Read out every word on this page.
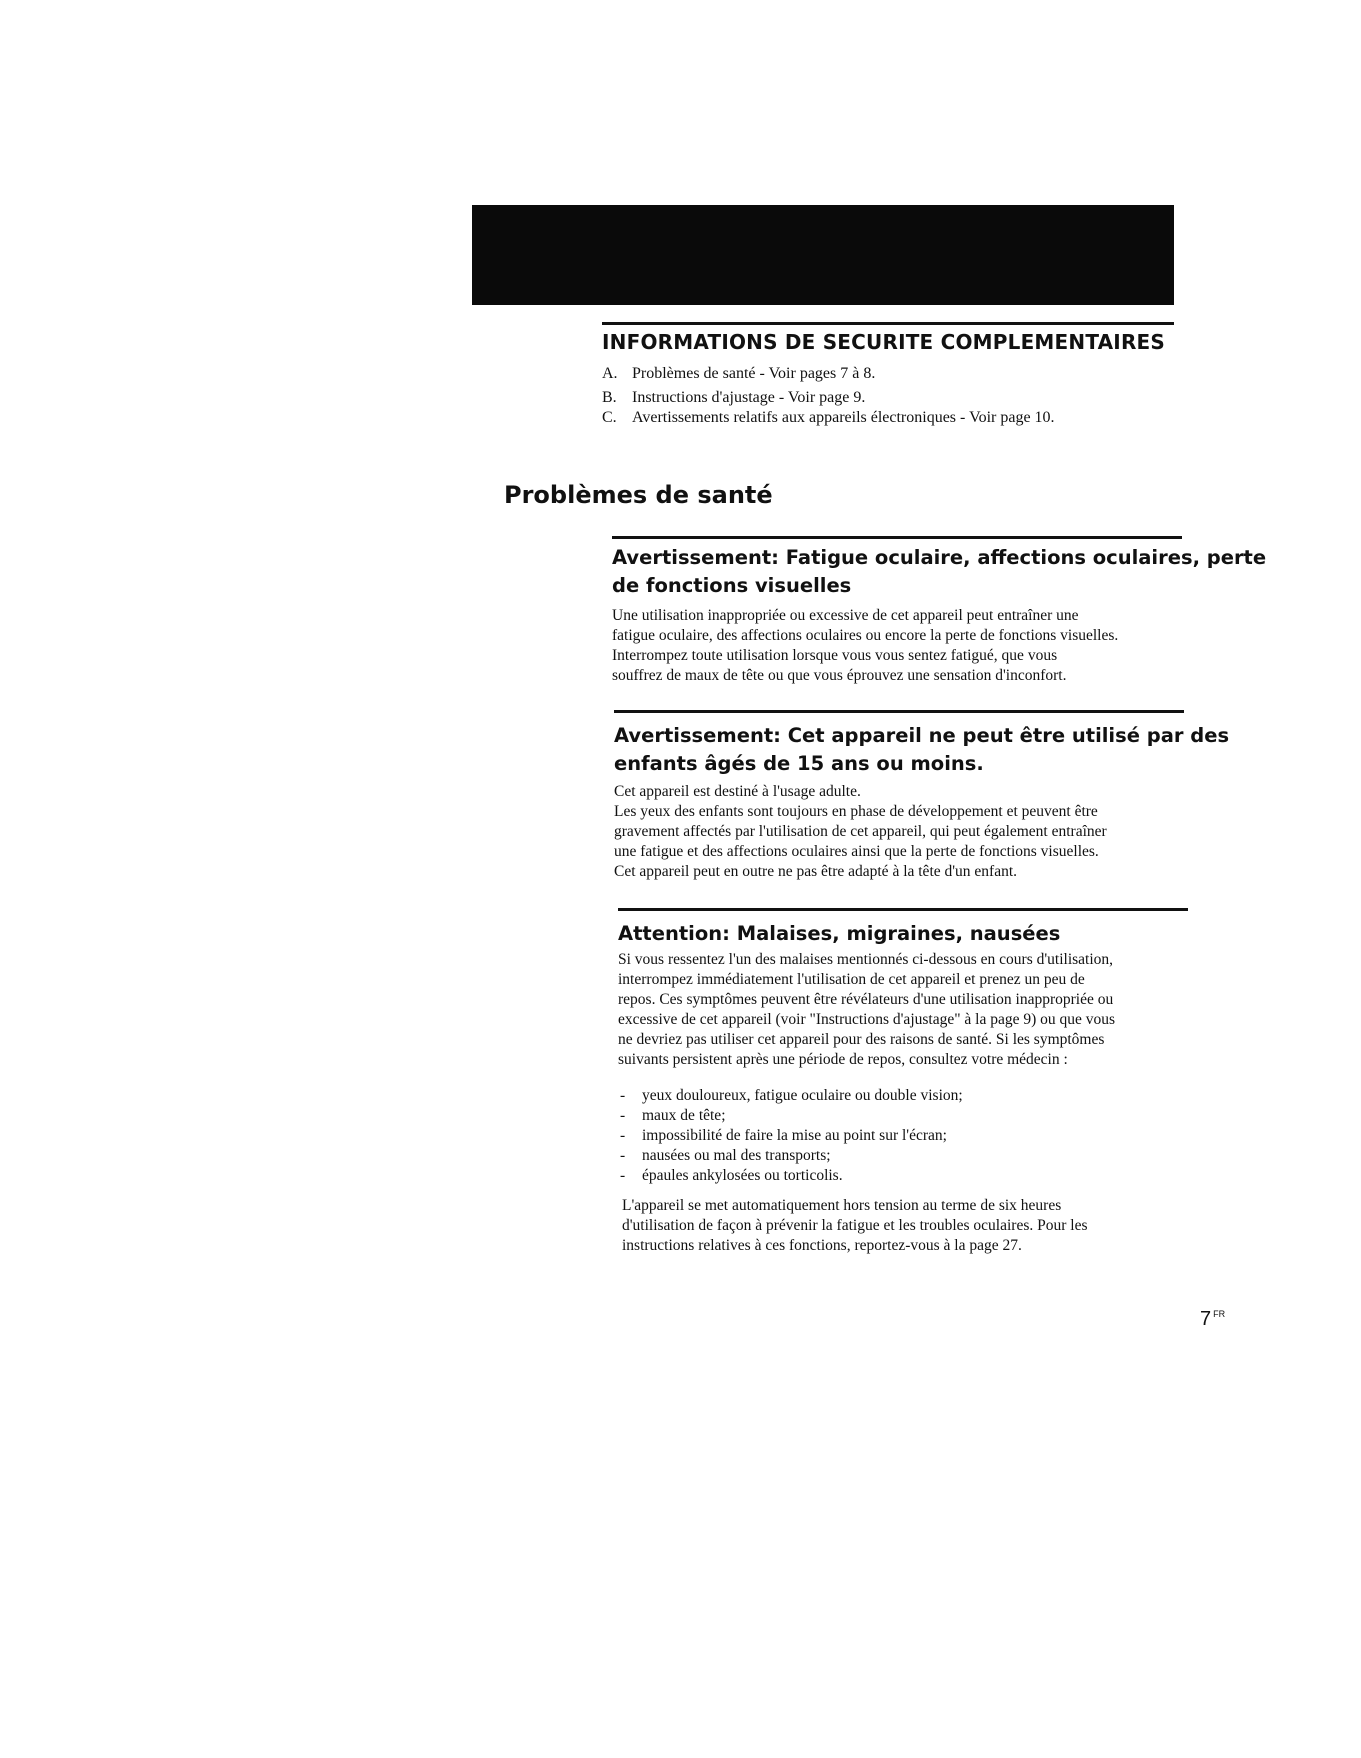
INFORMATIONS DE SECURITE COMPLEMENTAIRES
A. Problèmes de santé - Voir pages 7 à 8.
B. Instructions d'ajustage - Voir page 9.
C. Avertissements relatifs aux appareils électroniques - Voir page 10.
Problèmes de santé
Avertissement: Fatigue oculaire, affections oculaires, perte
de fonctions visuelles

Une utilisation inappropriée ou excessive de cet appareil peut entraîner une

fatigue oculaire, des affections oculaires ou encore la perte de fonctions visuelles.

Interrompez toute utilisation lorsque vous vous sentez fatigué, que vous

souffrez de maux de tête ou que vous éprouvez une sensation d'inconfort.

Avertissement: Cet appareil ne peut être utilisé par des
enfants âgés de 15 ans ou moins.

Cet appareil est destiné à l'usage adulte.

Les yeux des enfants sont toujours en phase de développement et peuvent être

gravement affectés par l'utilisation de cet appareil, qui peut également entraîner

une fatigue et des affections oculaires ainsi que la perte de fonctions visuelles.

Cet appareil peut en outre ne pas être adapté à la tête d'un enfant.

Attention: Malaises, migraines, nausées

Si vous ressentez l'un des malaises mentionnés ci-dessous en cours d'utilisation,

interrompez immédiatement l'utilisation de cet appareil et prenez un peu de

repos. Ces symptômes peuvent être révélateurs d'une utilisation inappropriée ou

excessive de cet appareil (voir "Instructions d'ajustage" à la page 9) ou que vous

ne devriez pas utiliser cet appareil pour des raisons de santé. Si les symptômes

suivants persistent après une période de repos, consultez votre médecin :

- yeux douloureux, fatigue oculaire ou double vision;
- maux de tête;
- impossibilité de faire la mise au point sur l'écran;
- nausées ou mal des transports;
- épaules ankylosées ou torticolis.

L'appareil se met automatiquement hors tension au terme de six heures

d'utilisation de façon à prévenir la fatigue et les troubles oculaires. Pour les

instructions relatives à ces fonctions, reportez-vous à la page 27.

7 $^{FR}$
